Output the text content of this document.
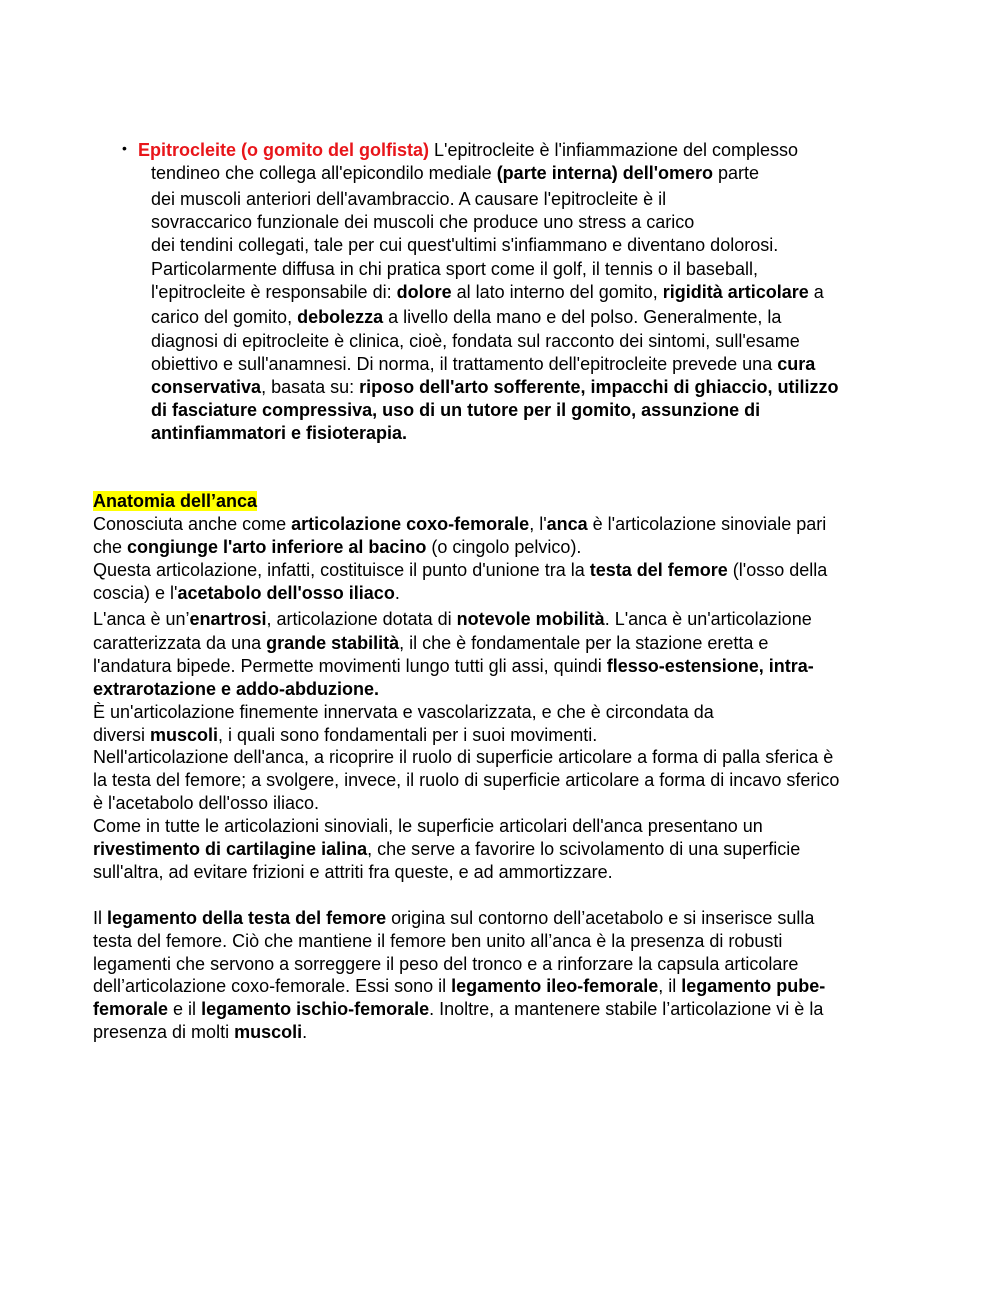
• Epitrocleite (o gomito del golfista) L'epitrocleite è l'infiammazione del complesso
tendineo che collega all'epicondilo mediale (parte interna) dell'omero parte
dei muscoli anteriori dell'avambraccio. A causare l'epitrocleite è il
sovraccarico funzionale dei muscoli che produce uno stress a carico
dei tendini collegati, tale per cui quest'ultimi s'infiammano e diventano dolorosi.
Particolarmente diffusa in chi pratica sport come il golf, il tennis o il baseball,
l'epitrocleite è responsabile di: dolore al lato interno del gomito, rigidità articolare a
carico del gomito, debolezza a livello della mano e del polso. Generalmente, la
diagnosi di epitrocleite è clinica, cioè, fondata sul racconto dei sintomi, sull'esame
obiettivo e sull'anamnesi. Di norma, il trattamento dell'epitrocleite prevede una cura
conservativa, basata su: riposo dell'arto sofferente, impacchi di ghiaccio, utilizzo
di fasciature compressiva, uso di un tutore per il gomito, assunzione di
antinfiammatori e fisioterapia.
Anatomia dell’anca
Conosciuta anche come articolazione coxo-femorale, l'anca è l'articolazione sinoviale pari
che congiunge l'arto inferiore al bacino (o cingolo pelvico).
Questa articolazione, infatti, costituisce il punto d'unione tra la testa del femore (l'osso della
coscia) e l'acetabolo dell'osso iliaco.
L'anca è un’enartrosi, articolazione dotata di notevole mobilità. L'anca è un'articolazione
caratterizzata da una grande stabilità, il che è fondamentale per la stazione eretta e
l'andatura bipede. Permette movimenti lungo tutti gli assi, quindi flesso-estensione, intra-
extrarotazione e addo-abduzione.
È un'articolazione finemente innervata e vascolarizzata, e che è circondata da
diversi muscoli, i quali sono fondamentali per i suoi movimenti.
Nell'articolazione dell'anca, a ricoprire il ruolo di superficie articolare a forma di palla sferica è
la testa del femore; a svolgere, invece, il ruolo di superficie articolare a forma di incavo sferico
è l'acetabolo dell'osso iliaco.
Come in tutte le articolazioni sinoviali, le superficie articolari dell'anca presentano un
rivestimento di cartilagine ialina, che serve a favorire lo scivolamento di una superficie
sull'altra, ad evitare frizioni e attriti fra queste, e ad ammortizzare.
Il legamento della testa del femore origina sul contorno dell’acetabolo e si inserisce sulla
testa del femore. Ciò che mantiene il femore ben unito all’anca è la presenza di robusti
legamenti che servono a sorreggere il peso del tronco e a rinforzare la capsula articolare
dell’articolazione coxo-femorale. Essi sono il legamento ileo-femorale, il legamento pube-
femorale e il legamento ischio-femorale. Inoltre, a mantenere stabile l’articolazione vi è la
presenza di molti muscoli.
